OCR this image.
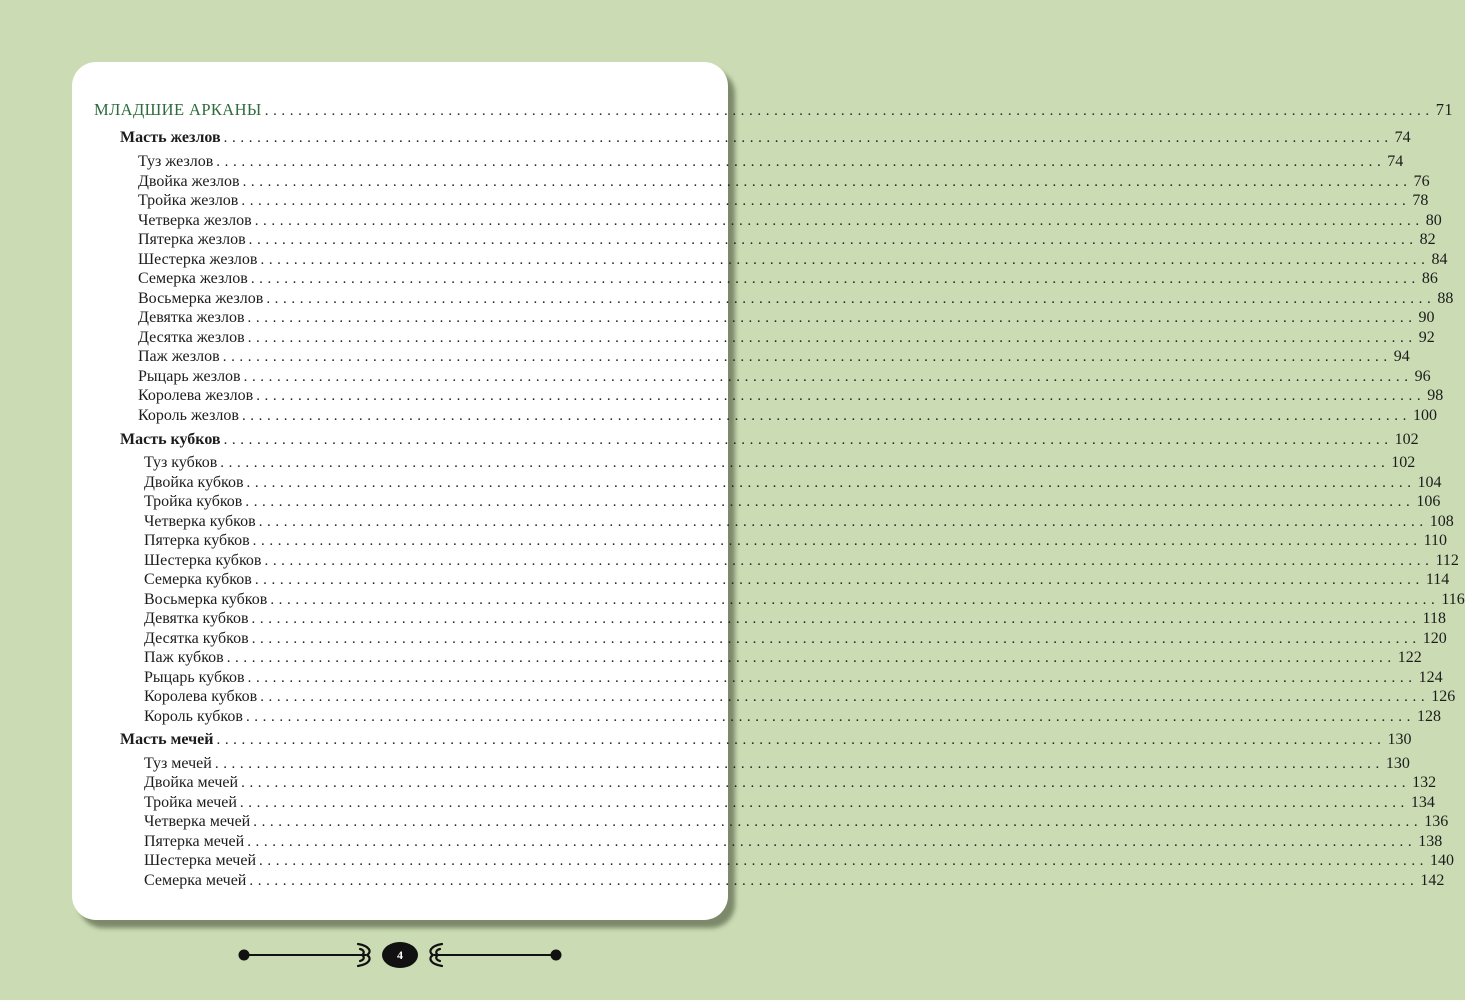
МЛАДШИЕ АРКАНЫ ............................................................................................................................................ 71
Масть жезлов ............................................................................................................................................ 74
Туз жезлов ............................................................................................................................................ 74
Двойка жезлов ............................................................................................................................................ 76
Тройка жезлов ............................................................................................................................................ 78
Четверка жезлов ............................................................................................................................................ 80
Пятерка жезлов ............................................................................................................................................ 82
Шестерка жезлов ............................................................................................................................................ 84
Семерка жезлов ............................................................................................................................................ 86
Восьмерка жезлов ............................................................................................................................................ 88
Девятка жезлов ............................................................................................................................................ 90
Десятка жезлов ............................................................................................................................................ 92
Паж жезлов ............................................................................................................................................ 94
Рыцарь жезлов ............................................................................................................................................ 96
Королева жезлов ............................................................................................................................................ 98
Король жезлов ............................................................................................................................................ 100
Масть кубков ............................................................................................................................................ 102
Туз кубков ............................................................................................................................................ 102
Двойка кубков ............................................................................................................................................ 104
Тройка кубков ............................................................................................................................................ 106
Четверка кубков ............................................................................................................................................ 108
Пятерка кубков ............................................................................................................................................ 110
Шестерка кубков ............................................................................................................................................ 112
Семерка кубков ............................................................................................................................................ 114
Восьмерка кубков ............................................................................................................................................ 116
Девятка кубков ............................................................................................................................................ 118
Десятка кубков ............................................................................................................................................ 120
Паж кубков ............................................................................................................................................ 122
Рыцарь кубков ............................................................................................................................................ 124
Королева кубков ............................................................................................................................................ 126
Король кубков ............................................................................................................................................ 128
Масть мечей ............................................................................................................................................ 130
Туз мечей ............................................................................................................................................ 130
Двойка мечей ............................................................................................................................................ 132
Тройка мечей ............................................................................................................................................ 134
Четверка мечей ............................................................................................................................................ 136
Пятерка мечей ............................................................................................................................................ 138
Шестерка мечей ............................................................................................................................................ 140
Семерка мечей ............................................................................................................................................ 142
4
